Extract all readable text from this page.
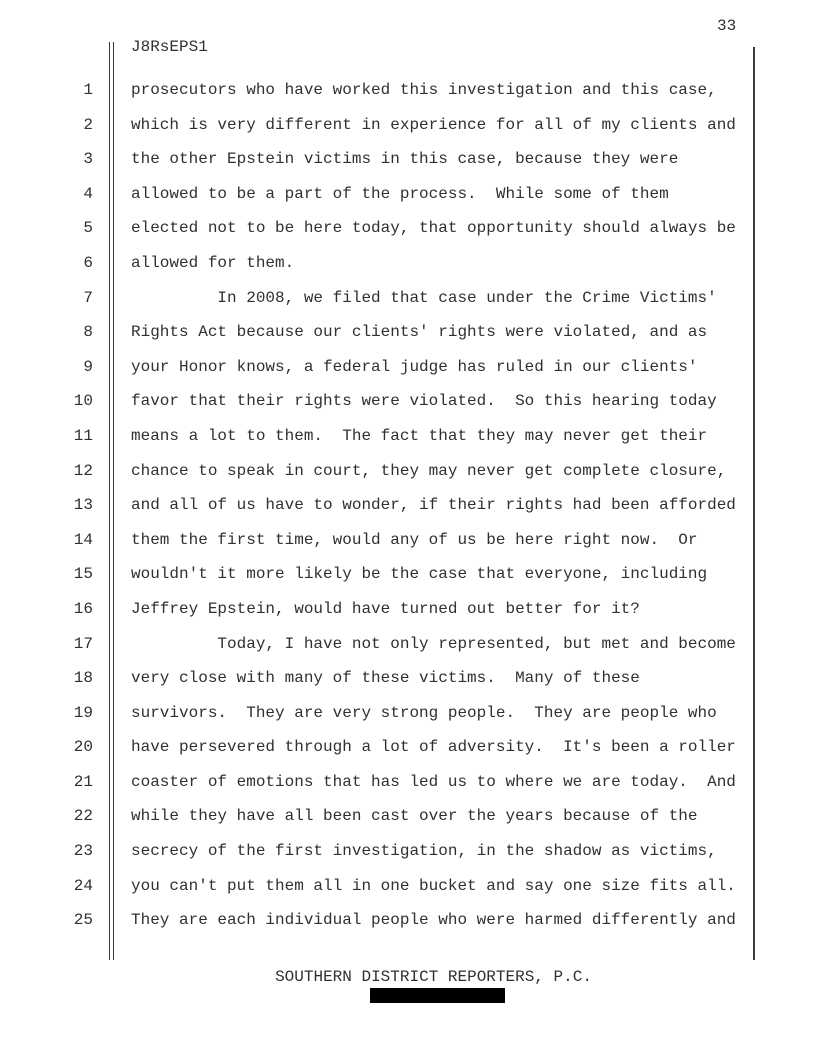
33
J8RsEPS1
1 prosecutors who have worked this investigation and this case,
2 which is very different in experience for all of my clients and
3 the other Epstein victims in this case, because they were
4 allowed to be a part of the process.  While some of them
5 elected not to be here today, that opportunity should always be
6 allowed for them.
7 In 2008, we filed that case under the Crime Victims'
8 Rights Act because our clients' rights were violated, and as
9 your Honor knows, a federal judge has ruled in our clients'
10 favor that their rights were violated.  So this hearing today
11 means a lot to them.  The fact that they may never get their
12 chance to speak in court, they may never get complete closure,
13 and all of us have to wonder, if their rights had been afforded
14 them the first time, would any of us be here right now.  Or
15 wouldn't it more likely be the case that everyone, including
16 Jeffrey Epstein, would have turned out better for it?
17 Today, I have not only represented, but met and become
18 very close with many of these victims.  Many of these
19 survivors.  They are very strong people.  They are people who
20 have persevered through a lot of adversity.  It's been a roller
21 coaster of emotions that has led us to where we are today.  And
22 while they have all been cast over the years because of the
23 secrecy of the first investigation, in the shadow as victims,
24 you can't put them all in one bucket and say one size fits all.
25 They are each individual people who were harmed differently and
SOUTHERN DISTRICT REPORTERS, P.C.
